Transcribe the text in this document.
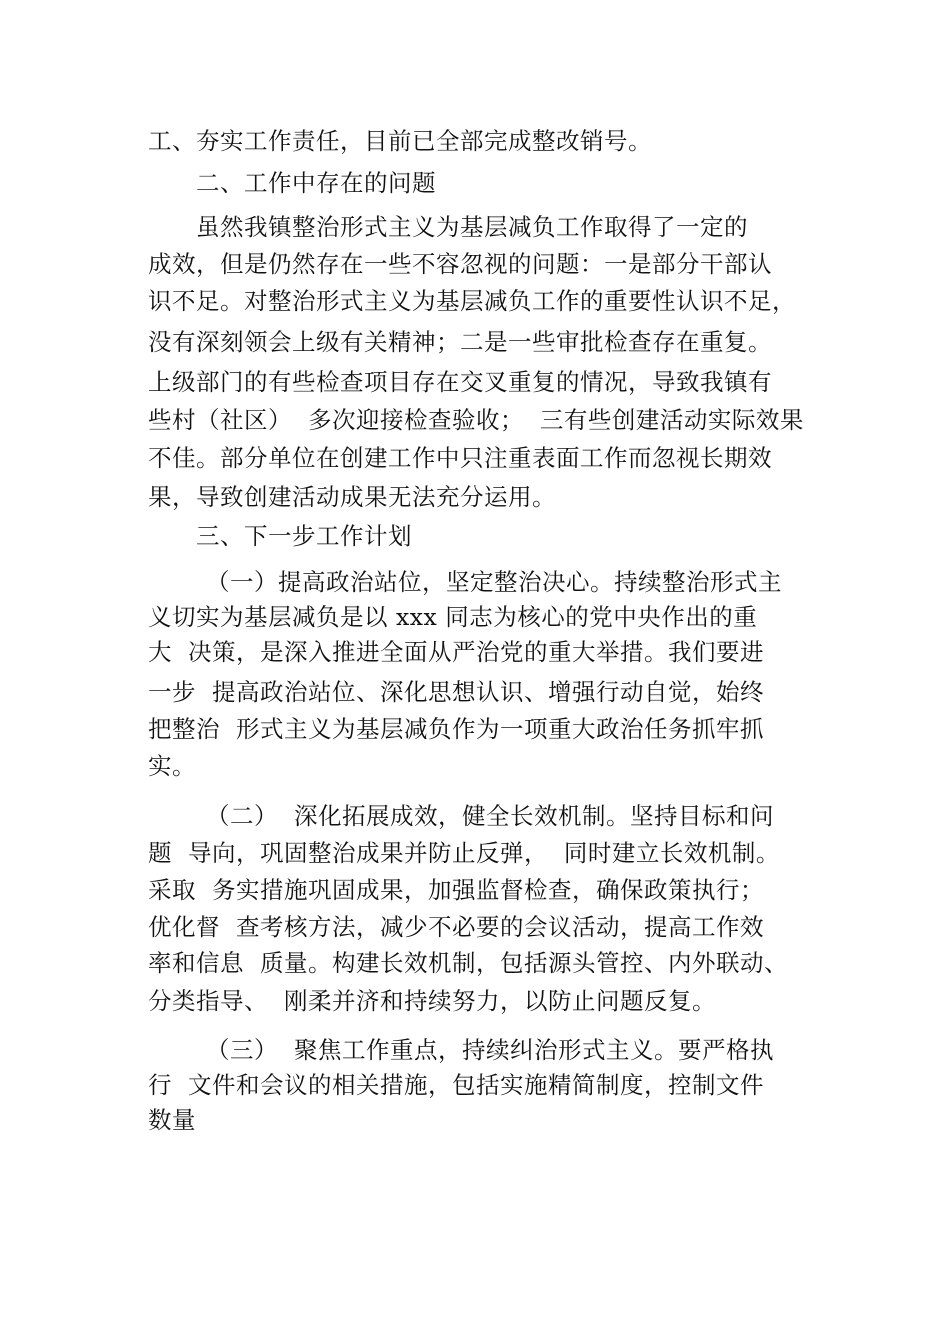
工、夯实工作责任，目前已全部完成整改销号。
二、工作中存在的问题
虽然我镇整治形式主义为基层减负工作取得了一定的
成效，但是仍然存在一些不容忽视的问题：一是部分干部认
识不足。对整治形式主义为基层减负工作的重要性认识不足，
没有深刻领会上级有关精神；二是一些审批检查存在重复。
上级部门的有些检查项目存在交叉重复的情况，导致我镇有
些村（社区）  多次迎接检查验收；  三有些创建活动实际效果
不佳。部分单位在创建工作中只注重表面工作而忽视长期效
果，导致创建活动成果无法充分运用。
三、下一步工作计划
（一）提高政治站位，坚定整治决心。持续整治形式主
义切实为基层减负是以 xxx 同志为核心的党中央作出的重
大  决策，是深入推进全面从严治党的重大举措。我们要进
一步  提高政治站位、深化思想认识、增强行动自觉，始终
把整治  形式主义为基层减负作为一项重大政治任务抓牢抓
实。
（二）  深化拓展成效，健全长效机制。坚持目标和问
题  导向，巩固整治成果并防止反弹，  同时建立长效机制。
采取  务实措施巩固成果，加强监督检查，确保政策执行；
优化督  查考核方法，减少不必要的会议活动，提高工作效
率和信息  质量。构建长效机制，包括源头管控、内外联动、
分类指导、  刚柔并济和持续努力，以防止问题反复。
（三）  聚焦工作重点，持续纠治形式主义。要严格执
行  文件和会议的相关措施，包括实施精简制度，控制文件
数量
